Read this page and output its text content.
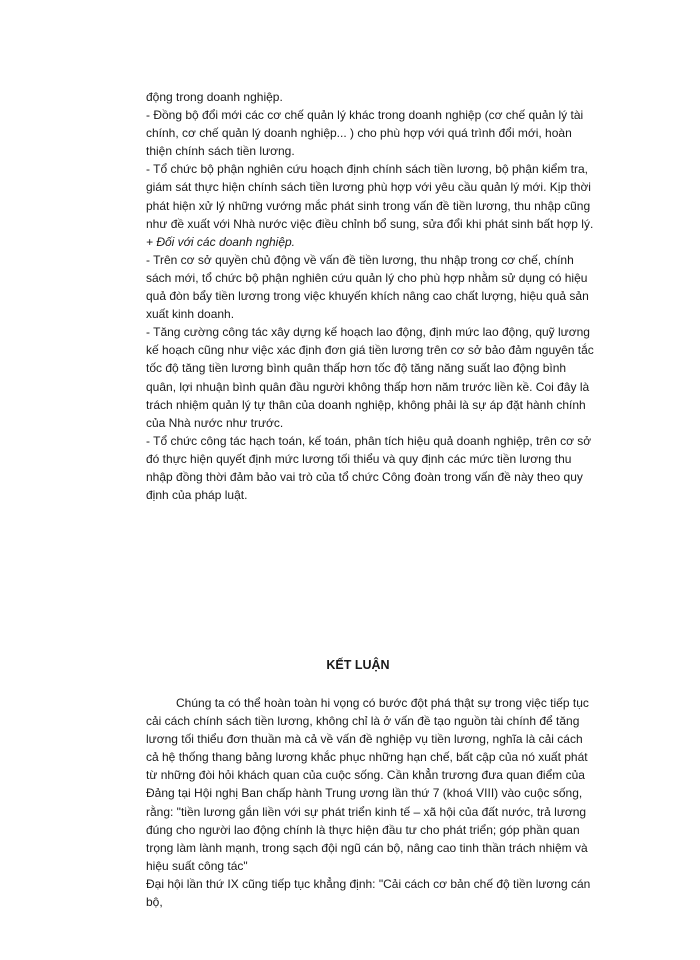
động trong doanh nghiệp.

- Đồng bộ đổi mới các cơ chế quản lý khác trong doanh nghiệp (cơ chế quản lý tài chính, cơ chế quản lý doanh nghiệp... ) cho phù hợp với quá trình đổi mới, hoàn thiện chính sách tiền lương.

- Tổ chức bộ phận nghiên cứu hoạch định chính sách tiền lương, bộ phận kiểm tra, giám sát thực hiện chính sách tiền lương phù hợp với yêu cầu quản lý mới. Kịp thời phát hiện xử lý những vướng mắc phát sinh trong vấn đề tiền lương, thu nhập cũng như đề xuất với Nhà nước việc điều chỉnh bổ sung, sửa đổi khi phát sinh bất hợp lý.

+ Đối với các doanh nghiệp.

- Trên cơ sở quyền chủ động về vấn đề tiền lương, thu nhập trong cơ chế, chính sách mới, tổ chức bộ phận nghiên cứu quản lý cho phù hợp nhằm sử dụng có hiệu quả đòn bẩy tiền lương trong việc khuyến khích nâng cao chất lượng, hiệu quả sản xuất kinh doanh.

- Tăng cường công tác xây dựng kế hoạch lao động, định mức lao động, quỹ lương kế hoạch cũng như việc xác định đơn giá tiền lương trên cơ sở bảo đảm nguyên tắc tốc độ tăng tiền lương bình quân thấp hơn tốc độ tăng năng suất lao động bình quân, lợi nhuận bình quân đầu người không thấp hơn năm trước liền kề. Coi đây là trách nhiệm quản lý tự thân của doanh nghiệp, không phải là sự áp đặt hành chính của Nhà nước như trước.

- Tổ chức công tác hạch toán, kế toán, phân tích hiệu quả doanh nghiệp, trên cơ sở đó thực hiện quyết định mức lương tối thiểu và quy định các mức tiền lương thu nhập đồng thời đảm bảo vai trò của tổ chức Công đoàn trong vấn đề này theo quy định của pháp luật.

KẾT LUẬN

Chúng ta có thể hoàn toàn hi vọng có bước đột phá thật sự trong việc tiếp tục cải cách chính sách tiền lương, không chỉ là ở vấn đề tạo nguồn tài chính để tăng lương tối thiểu đơn thuần mà cả về vấn đề nghiệp vụ tiền lương, nghĩa là cải cách cả hệ thống thang bảng lương khắc phục những hạn chế, bất cập của nó xuất phát từ những đòi hỏi khách quan của cuộc sống. Cần khẳn trương đưa quan điểm của Đảng tại Hội nghị Ban chấp hành Trung ương lần thứ 7 (khoá VIII) vào cuộc sống, rằng: "tiền lương gắn liền với sự phát triển kinh tế – xã hội của đất nước, trả lương đúng cho người lao động chính là thực hiện đầu tư cho phát triển; góp phần quan trọng làm lành mạnh, trong sạch đội ngũ cán bộ, nâng cao tinh thần trách nhiệm và hiệu suất công tác"

Đại hội lần thứ IX cũng tiếp tục khẳng định: "Cải cách cơ bản chế độ tiền lương cán bộ,
